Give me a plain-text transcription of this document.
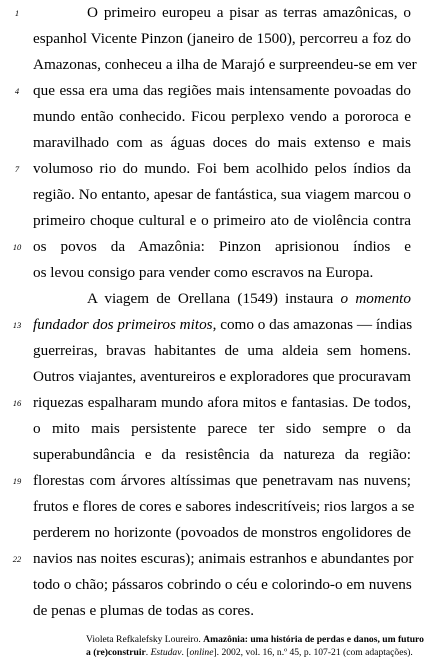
1	O primeiro europeu a pisar as terras amazônicas, o
espanhol Vicente Pinzon (janeiro de 1500), percorreu a foz do
Amazonas, conheceu a ilha de Marajó e surpreendeu-se em ver
4 que essa era uma das regiões mais intensamente povoadas do
mundo então conhecido. Ficou perplexo vendo a pororoca e
maravilhado com as águas doces do mais extenso e mais
7 volumoso rio do mundo. Foi bem acolhido pelos índios da
região. No entanto, apesar de fantástica, sua viagem marcou o
primeiro choque cultural e o primeiro ato de violência contra
10 os povos da Amazônia: Pinzon aprisionou índios e
os levou consigo para vender como escravos na Europa.
A viagem de Orellana (1549) instaura o momento
13 fundador dos primeiros mitos, como o das amazonas — índias
guerreiras, bravas habitantes de uma aldeia sem homens.
Outros viajantes, aventureiros e exploradores que procuravam
16 riquezas espalharam mundo afora mitos e fantasias. De todos,
o mito mais persistente parece ter sido sempre o da
superabundância e da resistência da natureza da região:
19 florestas com árvores altíssimas que penetravam nas nuvens;
frutos e flores de cores e sabores indescritíveis; rios largos a se
perderem no horizonte (povoados de monstros engolidores de
22 navios nas noites escuras); animais estranhos e abundantes por
todo o chão; pássaros cobrindo o céu e colorindo-o em nuvens
de penas e plumas de todas as cores.
Violeta Refkalefsky Loureiro. Amazônia: uma história de perdas e danos, um futuro
a (re)construir. Estudav. [online]. 2002, vol. 16, n.º 45, p. 107-21 (com adaptações).
